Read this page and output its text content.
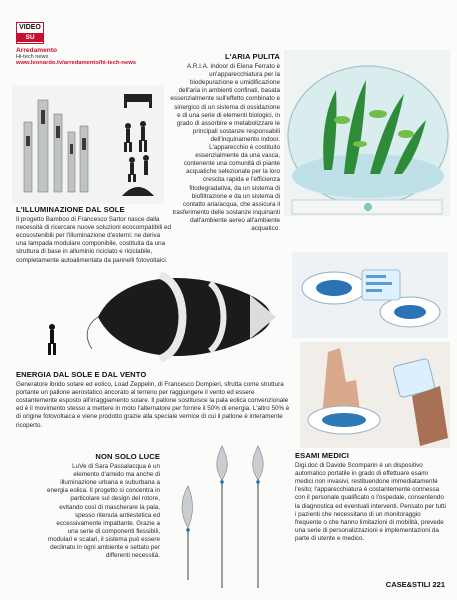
VIDEO
SU
Arredamento
Hi-tech news
www.leonardo.tv/arredamento/hi-tech-news
L'ARIA PULITA

A.R.I.A. Indoor di Elena Ferrato è un'apparecchiatura per la biodepurazione e umidificazione dell'aria in ambienti confinati, basata essenzialmente sull'effetto combinato e sinergico di un sistema di ossidazione e di una serie di elementi biologici, in grado di assorbire e metabolizzare le principali sostanze responsabili dell'inquinamento indoor. L'apparecchio è costituito essenzialmente da una vasca, contenente una comunità di piante acquatiche selezionate per la loro crescita rapida e l'efficienza fitodegradativa, da un sistema di biofiltrazione e da un sistema di contatto aria/acqua, che assicura il trasferimento delle sostanze inquinanti dall'ambiente aereo all'ambiente acquatico.

L'ILLUMINAZIONE DAL SOLE

Il progetto Bamboo di Francesco Sartor nasce dalla necessità di ricercare nuove soluzioni ecocompatibili ed ecosostenibili per l'illuminazione d'esterni: ne deriva una lampada modulare componibile, costituita da una struttura di base in alluminio riciclato e riciclabile, completamente autoalimentata da pannelli fotovoltaici.

ENERGIA DAL SOLE E DAL VENTO

Generatore ibrido solare ed eolico, Load Zeppelin, di Francesco Dompieri, sfrutta come struttura portante un pallone aerostatico ancorato al terreno per raggiungere il vento ed essere costantemente esposto all'irraggiamento solare. Il pallone sostituisce la pala eolica convenzionale ed è il movimento stesso a mettere in moto l'alternatore per fornire il 50% di energia. L'altro 50% è di origine fotovoltaica e viene prodotto grazie alla speciale vernice di cui il pallone è interamente ricoperto.

NON SOLO LUCE

LuVe di Sara Passalacqua è un elemento d'arredo ma anche di illuminazione urbana e suburbana a energia eolica. Il progetto si concentra in particolare sul design del rotore, evitando così di mascherare la pala, spesso ritenuta antiestetica ed eccessivamente impattante. Grazie a una serie di componenti flessibili, modulari e scalari, il sistema può essere declinato in ogni ambiente e settato per differenti necessità.

ESAMI MEDICI

Digi.doc di Davide Scomparin è un dispositivo automatico portatile in grado di effettuare esami medici non invasivi, restituendone immediatamente l'esito; l'apparecchiatura è costantemente connessa con il personale qualificato o l'ospedale, consentendo la diagnostica ed eventuali interventi. Pensato per tutti i pazienti che necessitano di un monitoraggio frequente o che hanno limitazioni di mobilità, prevede una serie di personalizzazioni e implementazioni da parte di utente e medico.

CASE&STILI 221
